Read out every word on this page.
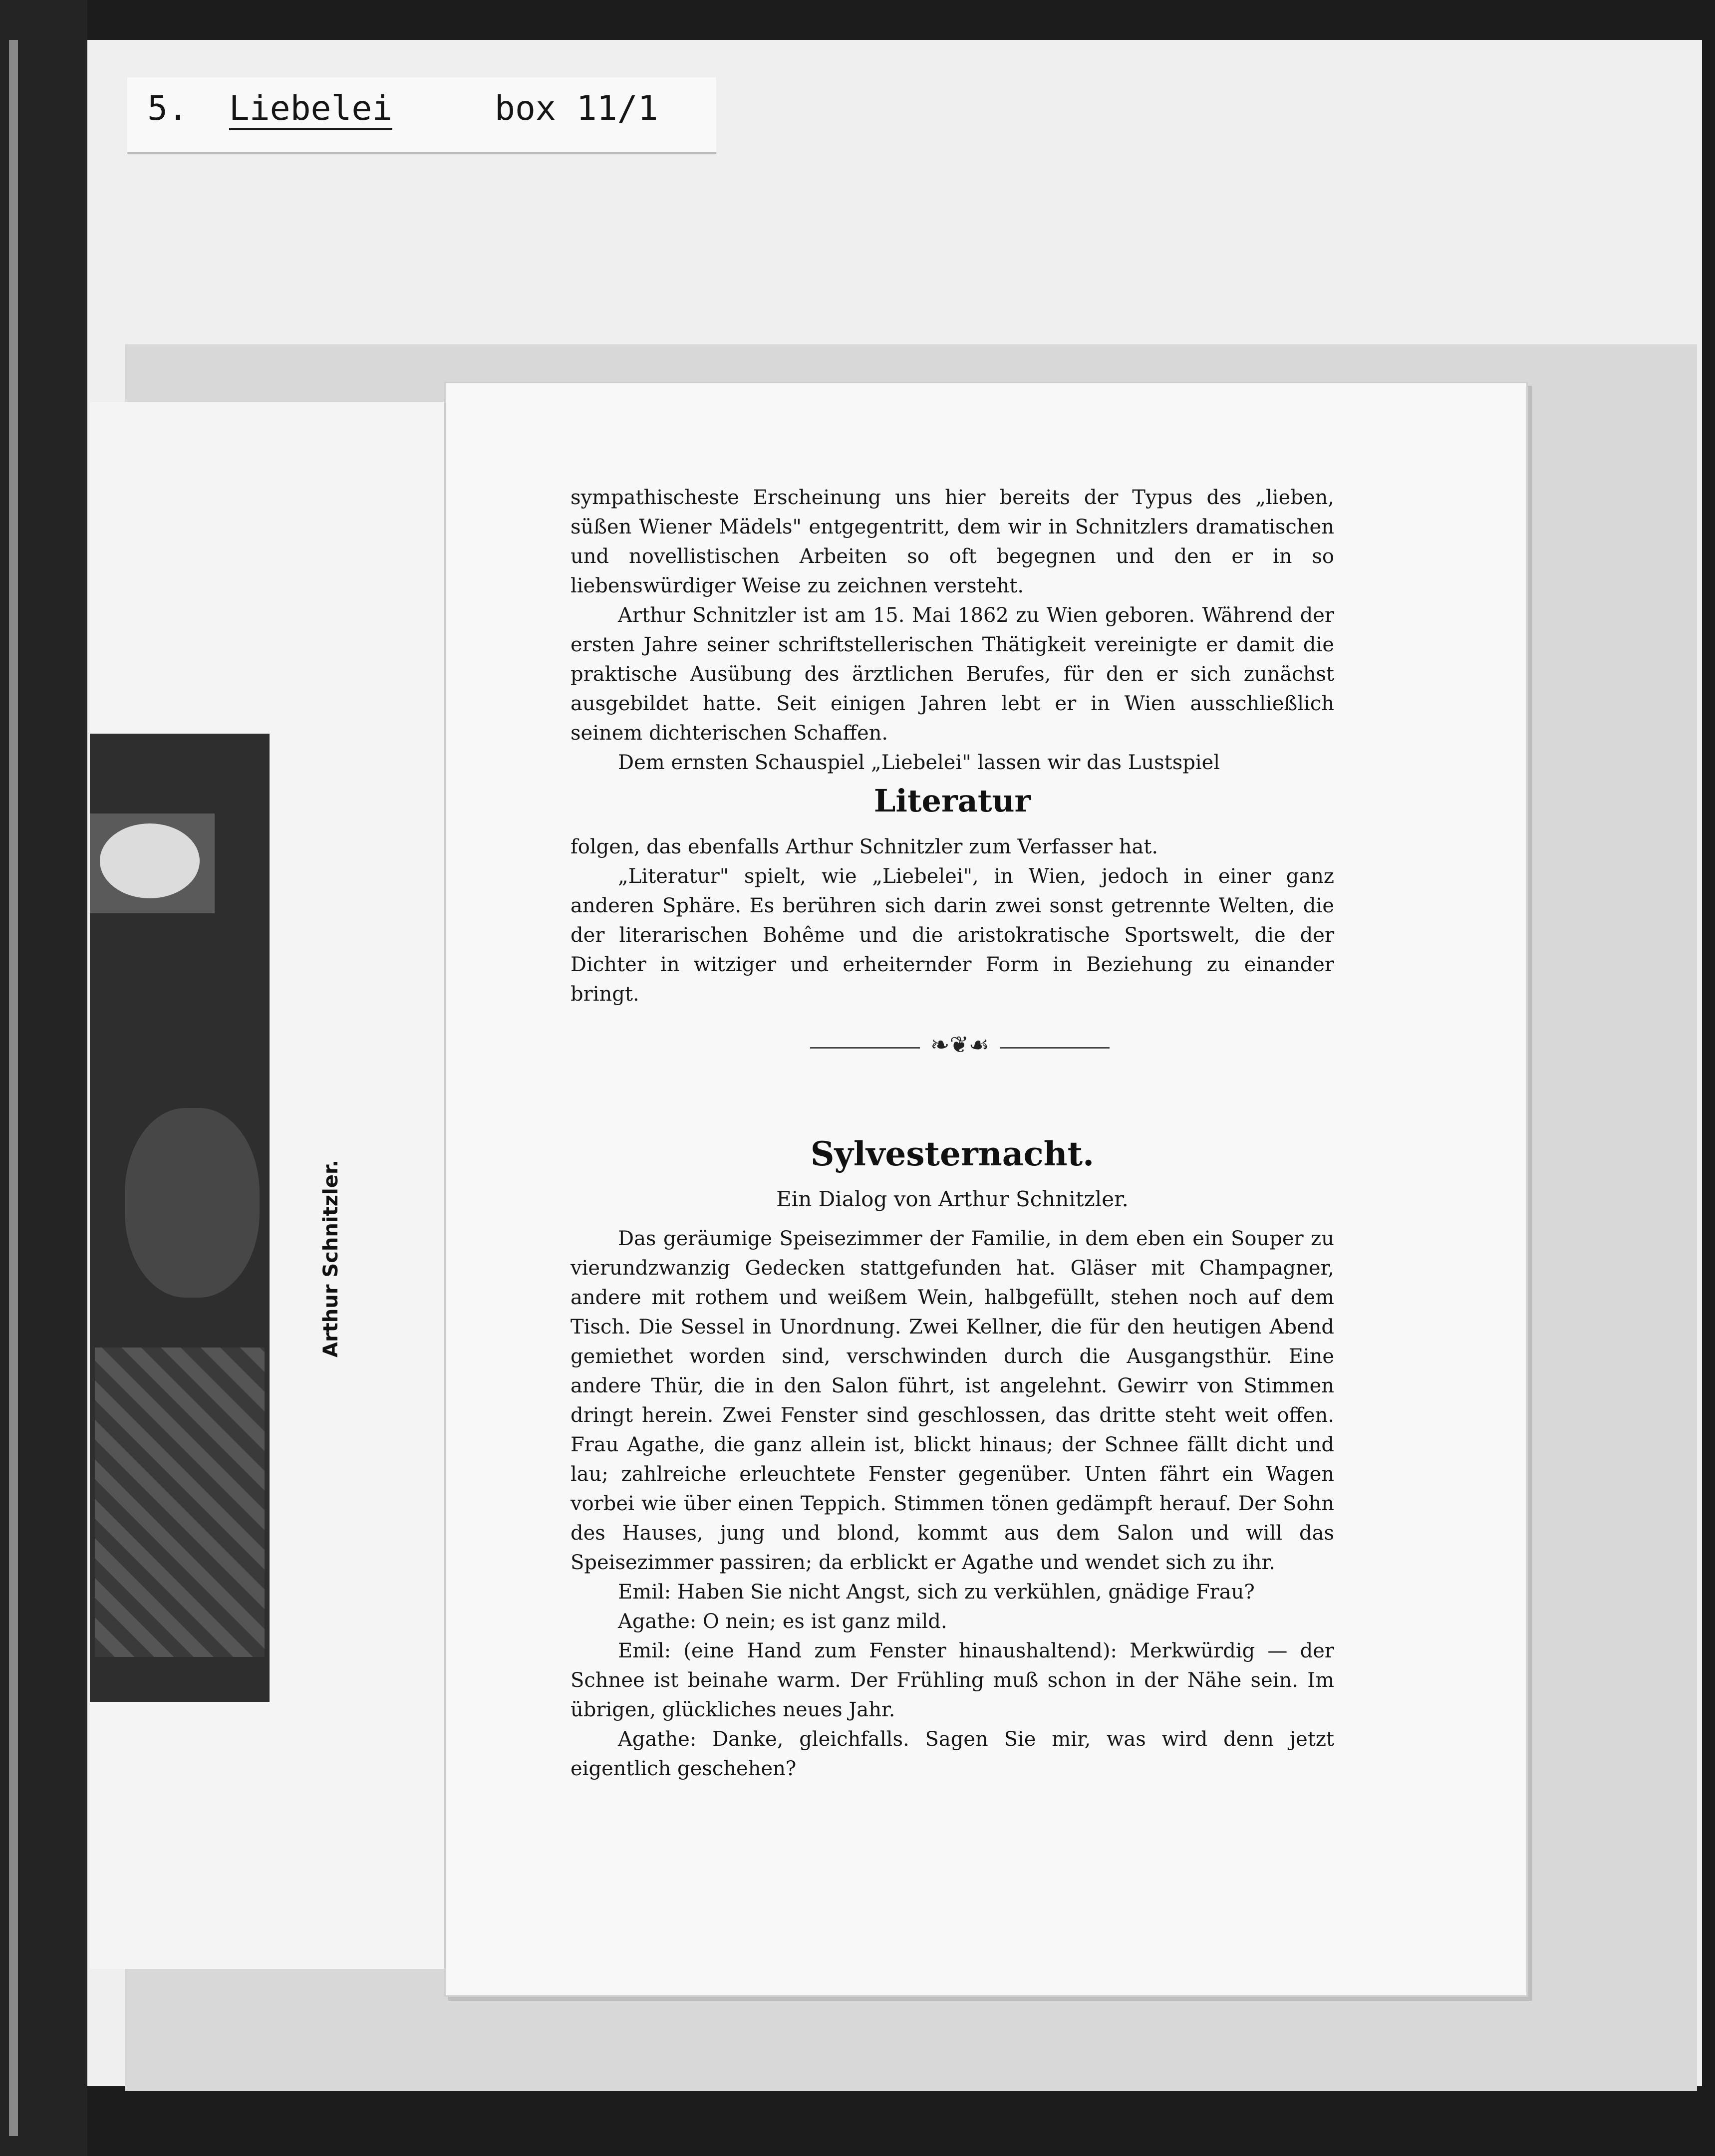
5. Liebelei	box 11/1
Arthur Schnitzler.

sympathischeste Erscheinung uns hier bereits der Typus des „lieben, süßen Wiener Mädels" entgegentritt, dem wir in Schnitzlers dramatischen und novellistischen Arbeiten so oft begegnen und den er in so liebenswürdiger Weise zu zeichnen versteht.

Arthur Schnitzler ist am 15. Mai 1862 zu Wien geboren. Während der ersten Jahre seiner schriftstellerischen Thätigkeit vereinigte er damit die praktische Ausübung des ärztlichen Berufes, für den er sich zunächst ausgebildet hatte. Seit einigen Jahren lebt er in Wien ausschließlich seinem dichterischen Schaffen.

Dem ernsten Schauspiel „Liebelei" lassen wir das Lustspiel

Literatur

folgen, das ebenfalls Arthur Schnitzler zum Verfasser hat.

„Literatur" spielt, wie „Liebelei", in Wien, jedoch in einer ganz anderen Sphäre. Es berühren sich darin zwei sonst getrennte Welten, die der literarischen Bohême und die aristokratische Sportswelt, die der Dichter in witziger und erheiternder Form in Beziehung zu einander bringt.

❧❦☙
Sylvesternacht.
Ein Dialog von Arthur Schnitzler.

Das geräumige Speisezimmer der Familie, in dem eben ein Souper zu vierundzwanzig Gedecken stattgefunden hat. Gläser mit Champagner, andere mit rothem und weißem Wein, halbgefüllt, stehen noch auf dem Tisch. Die Sessel in Unordnung. Zwei Kellner, die für den heutigen Abend gemiethet worden sind, verschwinden durch die Ausgangsthür. Eine andere Thür, die in den Salon führt, ist angelehnt. Gewirr von Stimmen dringt herein. Zwei Fenster sind geschlossen, das dritte steht weit offen. Frau Agathe, die ganz allein ist, blickt hinaus; der Schnee fällt dicht und lau; zahlreiche erleuchtete Fenster gegenüber. Unten fährt ein Wagen vorbei wie über einen Teppich. Stimmen tönen gedämpft herauf. Der Sohn des Hauses, jung und blond, kommt aus dem Salon und will das Speisezimmer passiren; da erblickt er Agathe und wendet sich zu ihr.

Emil: Haben Sie nicht Angst, sich zu verkühlen, gnädige Frau?

Agathe: O nein; es ist ganz mild.

Emil: (eine Hand zum Fenster hinaushaltend): Merkwürdig — der Schnee ist beinahe warm. Der Frühling muß schon in der Nähe sein. Im übrigen, glückliches neues Jahr.

Agathe: Danke, gleichfalls. Sagen Sie mir, was wird denn jetzt eigentlich geschehen?
